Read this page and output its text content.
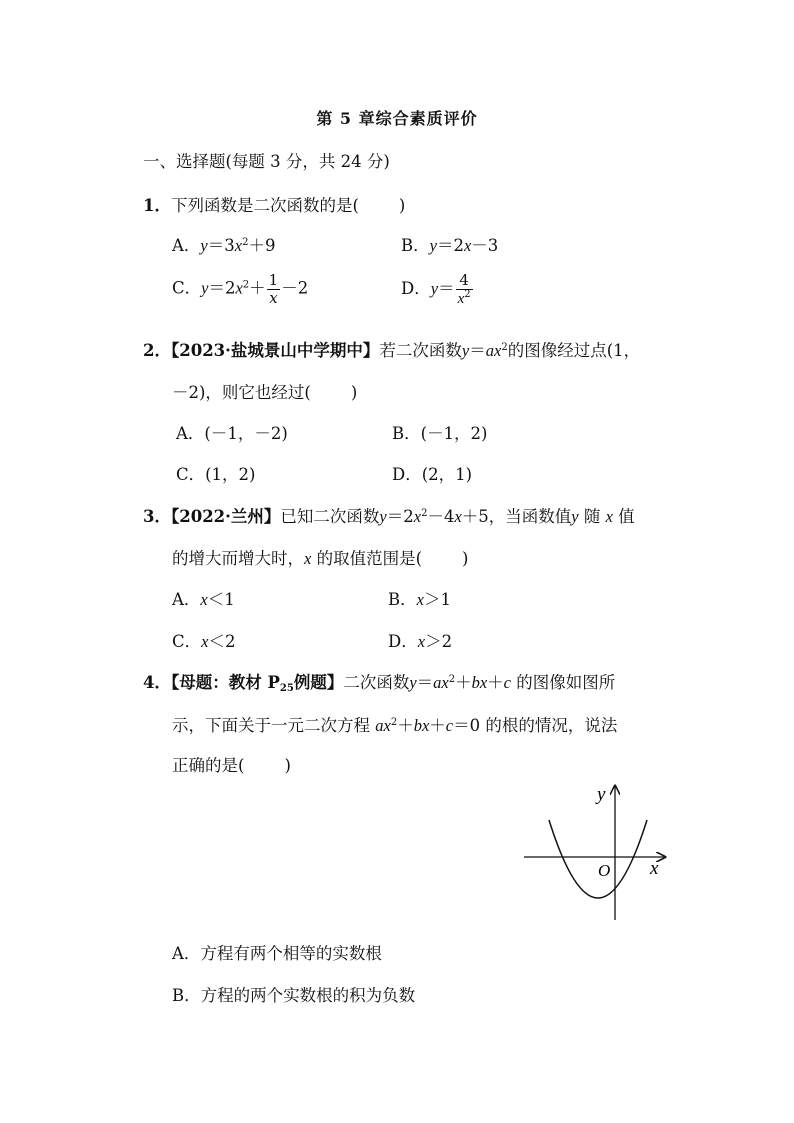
第 5 章综合素质评价
一、选择题(每题 3 分，共 24 分)
1．下列函数是二次函数的是( )
A．$y=3x^2+9$	B．y＝2x－3
C．$y=2x^2+ \frac{1}{x} -2$	D．$y= \frac{4}{x^2}$
2．【2023·盐城景山中学期中】若二次函数$y=ax^2$的图像经过点(1，
－2)，则它也经过( )
A．(－1，－2)	B．(－1，2)
C．(1，2)	D．(2，1)
3．【2022·兰州】已知二次函数$y=2x^2-4x+5$，当函数值y 随 x 值
的增大而增大时，x 的取值范围是( )
A．x＜1	B．x＞1
C．x＜2	D．x＞2
4．【母题：教材 $P_{25}$例题】二次函数$y=ax^2+bx+c$ 的图像如图所
示，下面关于一元二次方程 $ax^2+bx+c=0$ 的根的情况，说法
正确的是( )
y
x
O
A．方程有两个相等的实数根
B．方程的两个实数根的积为负数
